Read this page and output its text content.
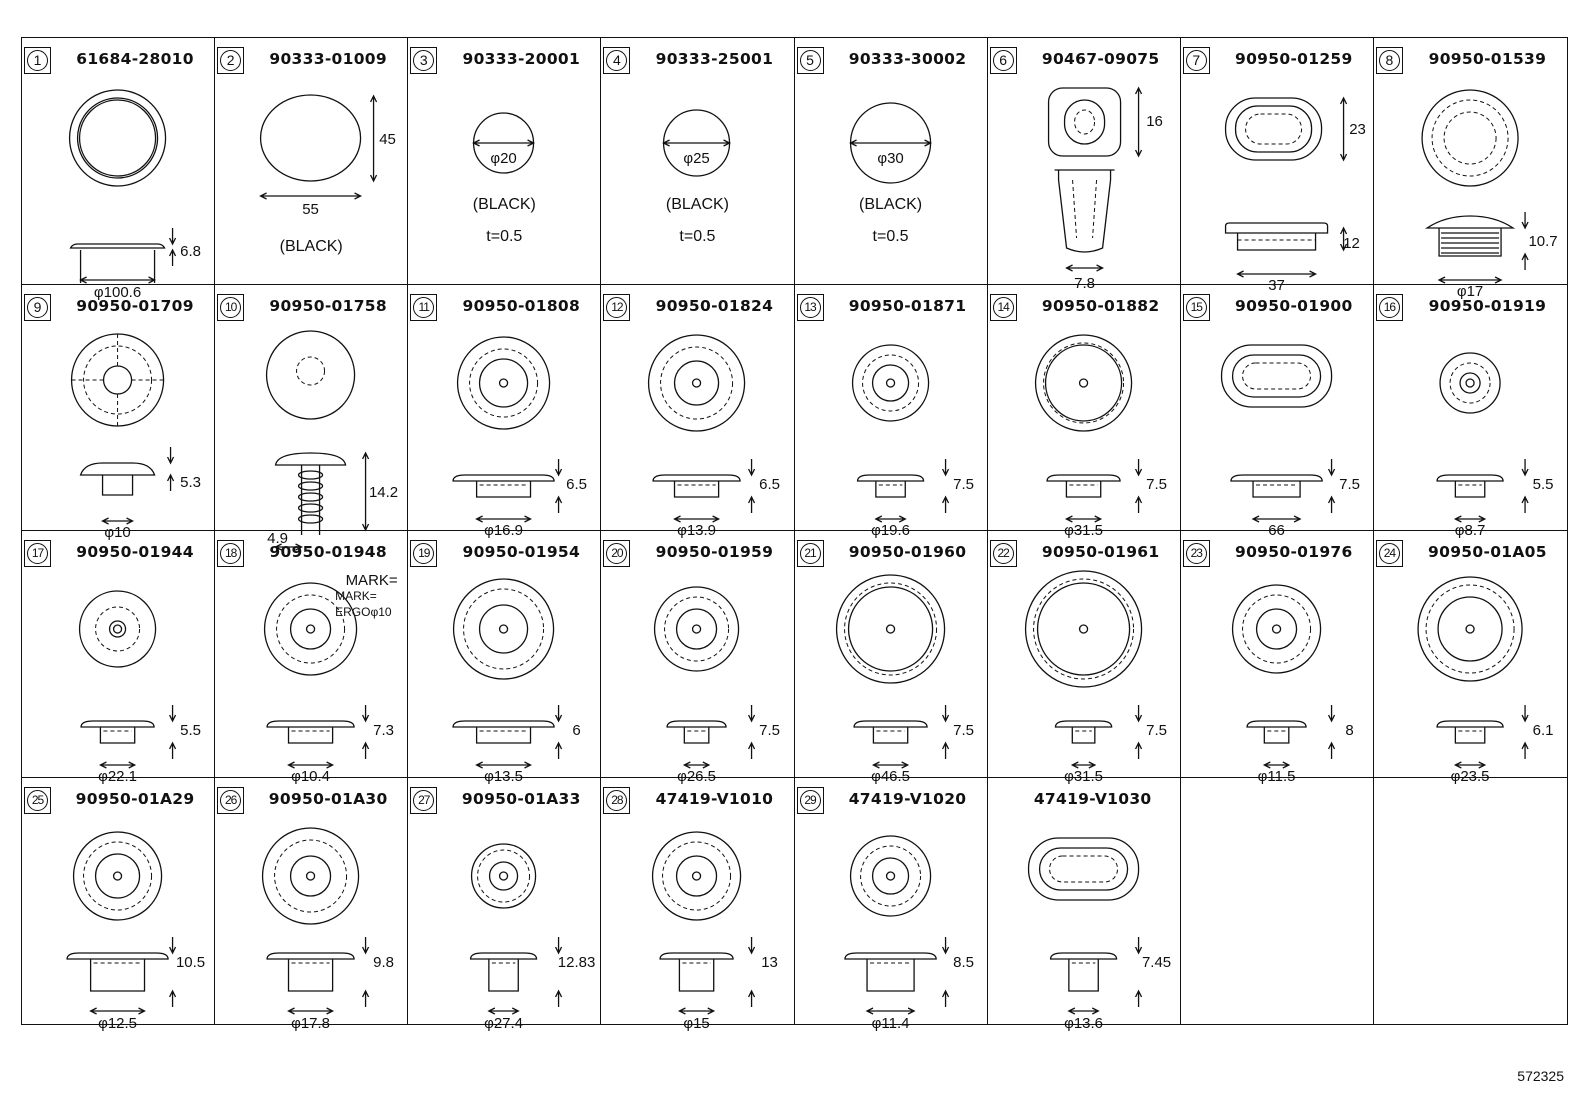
1	61684-28010
6.8
φ100.6
2	90333-01009
45
55
(BLACK)
3	90333-20001
φ20
(BLACK)
t=0.5
4	90333-25001
φ25
(BLACK)
t=0.5
5	90333-30002
φ30
(BLACK)
t=0.5
6	90467-09075
16
7.8
7	90950-01259
23
12
37
8	90950-01539
10.7
φ17
9	90950-01709
5.3
φ10
10	90950-01758
14.2
4.9
11	90950-01808
6.5
φ16.9
12	90950-01824
6.5
φ13.9
13	90950-01871
7.5
φ19.6
14	90950-01882
7.5
φ31.5
15	90950-01900
7.5
66
16	90950-01919
5.5
φ8.7
17	90950-01944
5.5
φ22.1
18	90950-01948
MARK=
7.3
φ10.4
MARK=
ERGOφ10
19	90950-01954
6
φ13.5
20	90950-01959
7.5
φ26.5
21	90950-01960
7.5
φ46.5
22	90950-01961
7.5
φ31.5
23	90950-01976
8
φ11.5
24	90950-01A05
6.1
φ23.5
25	90950-01A29
10.5
φ12.5
26	90950-01A30
9.8
φ17.8
27	90950-01A33
12.83
φ27.4
28	47419-V1010
13
φ15
29	47419-V1020
8.5
φ11.4
47419-V1030
7.45
φ13.6
572325
